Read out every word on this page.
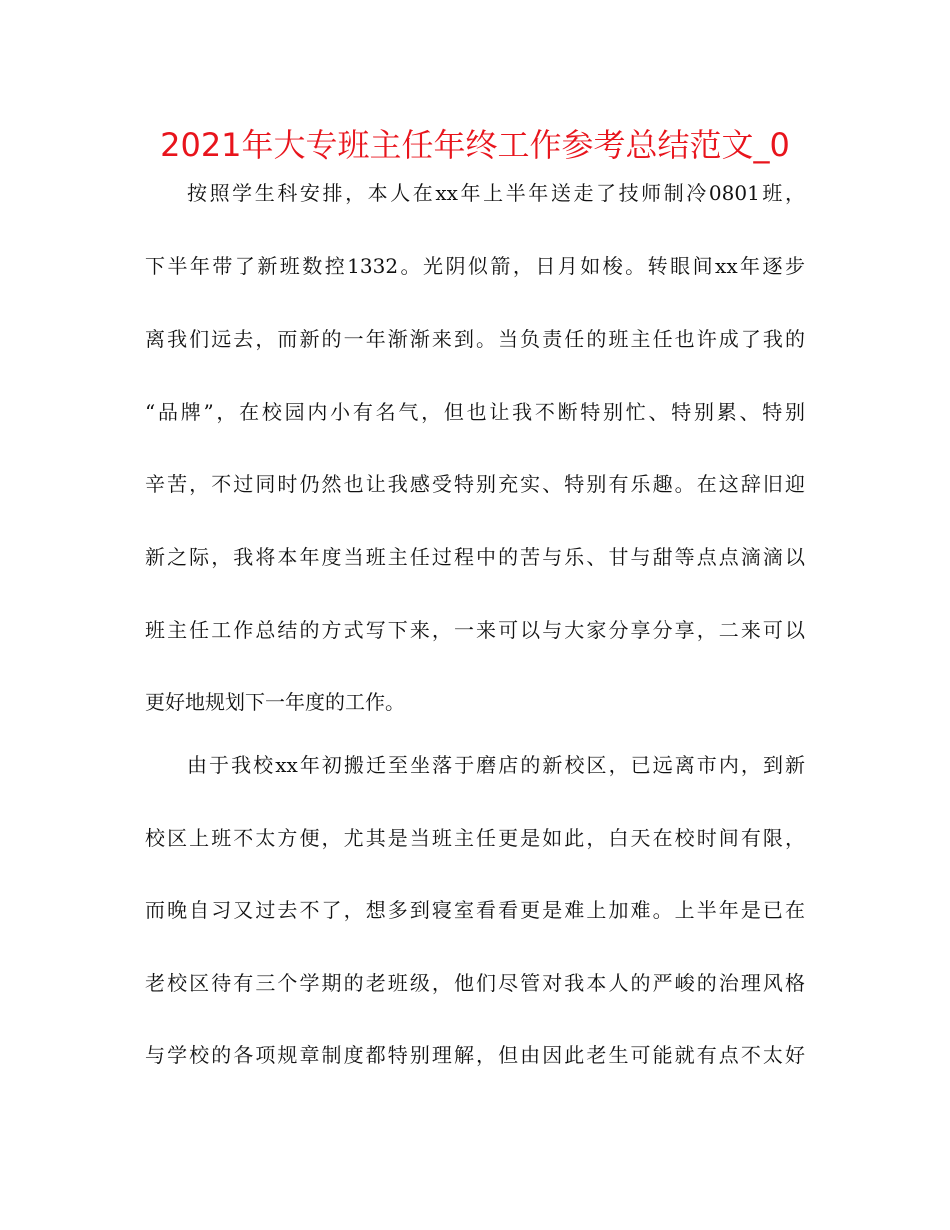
2021年大专班主任年终工作参考总结范文_0

按照学生科安排，本人在xx年上半年送走了技师制冷0801班，

下半年带了新班数控1332。光阴似箭，日月如梭。转眼间xx年逐步

离我们远去，而新的一年渐渐来到。当负责任的班主任也许成了我的

“品牌”，在校园内小有名气，但也让我不断特别忙、特别累、特别

辛苦，不过同时仍然也让我感受特别充实、特别有乐趣。在这辞旧迎

新之际，我将本年度当班主任过程中的苦与乐、甘与甜等点点滴滴以

班主任工作总结的方式写下来，一来可以与大家分享分享，二来可以

更好地规划下一年度的工作。

由于我校xx年初搬迁至坐落于磨店的新校区，已远离市内，到新

校区上班不太方便，尤其是当班主任更是如此，白天在校时间有限，

而晚自习又过去不了，想多到寝室看看更是难上加难。上半年是已在

老校区待有三个学期的老班级，他们尽管对我本人的严峻的治理风格

与学校的各项规章制度都特别理解，但由因此老生可能就有点不太好
